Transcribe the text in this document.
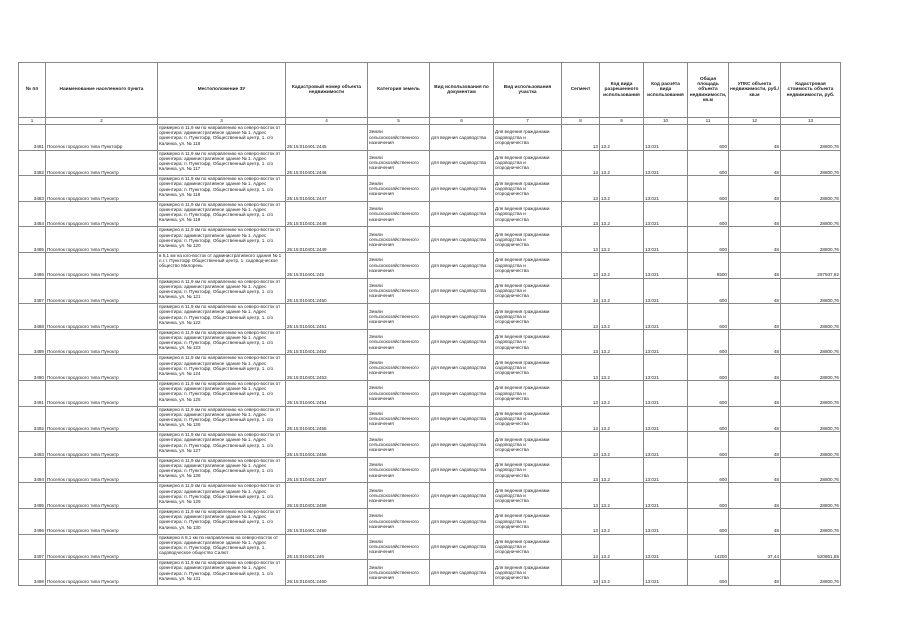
№ пп	Наименование населенного пункта	Местоположение ЗУ	Кадастровый номер объекта недвижимости	Категория земель	Вид использования по документам	Вид использования участка	Сегмент	Код вида разрешенного использования	Код расчёта вида использования	Общая площадь объекта недвижимости, кв.м	УПКС объекта недвижимости, руб./кв.м	Кадастровая стоимость объекта недвижимости, руб.
1	2	3	4	5	6	7	8	9	10	11	12	13
3481	Поселок городского типа Пунктофр	примерно в 11,9 км по направлению на северо-восток от ориентира: административное здание № 1. Адрес ориентира: п. Пунктофр, Общественный центр, 1. с/о Калинка, ул. № 118	25:15:010401:2445	Земли сельскохозяйственного назначения	для ведения садоводства	Для ведения гражданами садоводства и огородничества	13	13.2	13:021	600	48	28800,76
3482	Поселок городского типа Пуноктр	примерно в 11,9 км по направлению на северо-восток от ориентира: административное здание № 1. Адрес ориентира: п. Пунктофр, Общественный центр, 1. с/о Калинка, ул. № 117	25:15:010401:2446	Земли сельскохозяйственного назначения	для ведения садоводства	Для ведения гражданами садоводства и огородничества	13	13.2	13:021	600	48	28800,76
3483	Поселок городского типа Пуноктр	примерно в 11,9 км по направлению на северо-восток от ориентира: административное здание № 1. Адрес ориентира: п. Пунктофр, Общественный центр, 1. с/о Калинка, ул. № 118	25:15:010401:2447	Земли сельскохозяйственного назначения	для ведения садоводства	Для ведения гражданами садоводства и огородничества	13	13.2	13:021	600	48	28800,76
3484	Поселок городского типа Пуноктр	примерно в 11,9 км по направлению на северо-восток от ориентира: административное здание № 1. Адрес ориентира: п. Пунктофр, Общественный центр, 1. с/о Калинка, ул. № 119	25:15:010401:2448	Земли сельскохозяйственного назначения	для ведения садоводства	Для ведения гражданами садоводства и огородничества	13	13.2	13:021	600	48	28800,76
3485	Поселок городского типа Пуноктр	примерно в 11,9 км по направлению на северо-восток от ориентира: административное здание № 1. Адрес ориентира: п. Пунктофр, Общественный центр, 1. с/о Калинка, ул. № 120	25:15:010401:2449	Земли сельскохозяйственного назначения	для ведения садоводства	Для ведения гражданами садоводства и огородничества	13	13.2	13:021	600	48	28800,76
3486	Поселок городского типа Пуноктр	в 5,1 км на юго-восток от административного здания № 1 п.г.т. Пунктофр Общественный центр, 1. садоводческое общество Милорень	25:15:010401:245	Земли сельскохозяйственного назначения	для ведения садоводства	Для ведения гражданами садоводства и огородничества	13	13.2	13:021	6500	48	297937,82
3487	Поселок городского типа Пуноктр	примерно в 11,9 км по направлению на северо-восток от ориентира: административное здание № 1. Адрес ориентира: п. Пунктофр, Общественный центр, 1. с/о Калинка, ул. № 121	25:15:010401:2450	Земли сельскохозяйственного назначения	для ведения садоводства	Для ведения гражданами садоводства и огородничества	13	13.2	13:021	600	48	28800,76
3488	Поселок городского типа Пуноктр	примерно в 11,9 км по направлению на северо-восток от ориентира: административное здание № 1. Адрес ориентира: п. Пунктофр, Общественный центр, 1. с/о Калинка, ул. № 122	25:15:010401:2451	Земли сельскохозяйственного назначения	для ведения садоводства	Для ведения гражданами садоводства и огородничества	13	13.2	13:021	600	48	28800,76
3489	Поселок городского типа Пуноктр	примерно в 11,9 км по направлению на северо-восток от ориентира: административное здание № 1. Адрес ориентира: п. Пунктофр, Общественный центр, 1. с/о Калинка, ул. № 123	25:15:010401:2452	Земли сельскохозяйственного назначения	для ведения садоводства	Для ведения гражданами садоводства и огородничества	13	13.2	13:021	600	48	28800,76
3490	Поселок городского типа Пуноктр	примерно в 11,9 км по направлению на северо-восток от ориентира: административное здание № 1. Адрес ориентира: п. Пунктофр, Общественный центр, 1. с/о Калинка, ул. № 124	25:15:010401:2453	Земли сельскохозяйственного назначения	для ведения садоводства	Для ведения гражданами садоводства и огородничества	13	13.2	13:021	600	48	28800,76
3491	Поселок городского типа Пуноктр	примерно в 11,9 км по направлению на северо-восток от ориентира: административное здание № 1. Адрес ориентира: п. Пунктофр, Общественный центр, 1. с/о Калинка, ул. № 125	25:15:010401:2454	Земли сельскохозяйственного назначения	для ведения садоводства	Для ведения гражданами садоводства и огородничества	13	13.2	13:021	600	48	28800,76
3492	Поселок городского типа Пуноктр	примерно в 11,9 км по направлению на северо-восток от ориентира: административное здание № 1. Адрес ориентира: п. Пунктофр, Общественный центр, 1. с/о Калинка, ул. № 126	25:15:010401:2455	Земли сельскохозяйственного назначения	для ведения садоводства	Для ведения гражданами садоводства и огородничества	13	13.2	13:021	600	48	28800,76
3493	Поселок городского типа Пуноктр	примерно в 11,9 км по направлению на северо-восток от ориентира: административное здание № 1. Адрес ориентира: п. Пунктофр, Общественный центр, 1. с/о Калинка, ул. № 127	25:15:010401:2456	Земли сельскохозяйственного назначения	для ведения садоводства	Для ведения гражданами садоводства и огородничества	13	13.2	13:021	600	48	28800,76
3494	Поселок городского типа Пуноктр	примерно в 11,9 км по направлению на северо-восток от ориентира: административное здание № 1. Адрес ориентира: п. Пунктофр, Общественный центр, 1. с/о Калинка, ул. № 128	25:15:010401:2457	Земли сельскохозяйственного назначения	для ведения садоводства	Для ведения гражданами садоводства и огородничества	13	13.2	13:021	600	48	28800,76
3495	Поселок городского типа Пуноктр	примерно в 11,9 км по направлению на северо-восток от ориентира: административное здание № 1. Адрес ориентира: п. Пунктофр, Общественный центр, 1. с/о Калинка, ул. № 129	25:15:010401:2458	Земли сельскохозяйственного назначения	для ведения садоводства	Для ведения гражданами садоводства и огородничества	13	13.2	13:021	600	48	28800,76
3496	Поселок городского типа Пуноктр	примерно в 11,9 км по направлению на северо-восток от ориентира: административное здание № 1. Адрес ориентира: п. Пунктофр, Общественный центр, 1. с/о Калинка, ул. № 130	25:15:010401:2459	Земли сельскохозяйственного назначения	для ведения садоводства	Для ведения гражданами садоводства и огородничества	13	13.2	13:021	600	48	28800,76
3497	Поселок городского типа Пуноктр	примерно в 8,1 км по направлению на северо-восток от ориентира: административное здание № 1. Адрес ориентира: п. Пунктофр, Общественный центр, 1. садоводческое общество Салют	25:15:010401:246	Земли сельскохозяйственного назначения	для ведения садоводства	Для ведения гражданами садоводства и огородничества	13	13.2	13:021	14200	37,44	520861,85
3498	Поселок городского типа Пуноктр	примерно в 11,9 км по направлению на северо-восток от ориентира: административное здание № 1. Адрес ориентира: п. Пунктофр, Общественный центр, 1. с/о Калинка, ул. № 131	25:15:010401:2460	Земли сельскохозяйственного назначения	для ведения садоводства	Для ведения гражданами садоводства и огородничества	13	13.2	13:021	600	48	28800,76
